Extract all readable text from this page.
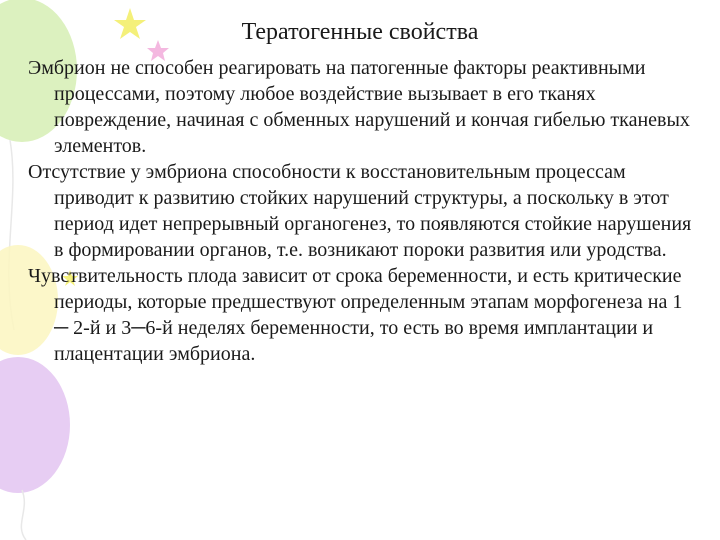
Тератогенные свойства

Эмбрион не способен реагировать на патогенные факторы реактивными процессами, поэтому любое воздействие вызывает в его тканях повреждение, начиная с обменных нарушений и кончая гибелью тканевых элементов.

Отсутствие у эмбриона способности к восстановительным процессам приводит к развитию стойких нарушений структуры, а поскольку в этот период идет непрерывный органогенез, то появляются стойкие нарушения в формировании органов, т.е. возникают пороки развития или уродства.

Чувствительность плода зависит от срока беременности, и есть критические периоды, которые предшествуют определенным этапам морфогенеза на 1 ─ 2-й и 3─6-й неделях беременности, то есть во время имплантации и плацентации эмбриона.
